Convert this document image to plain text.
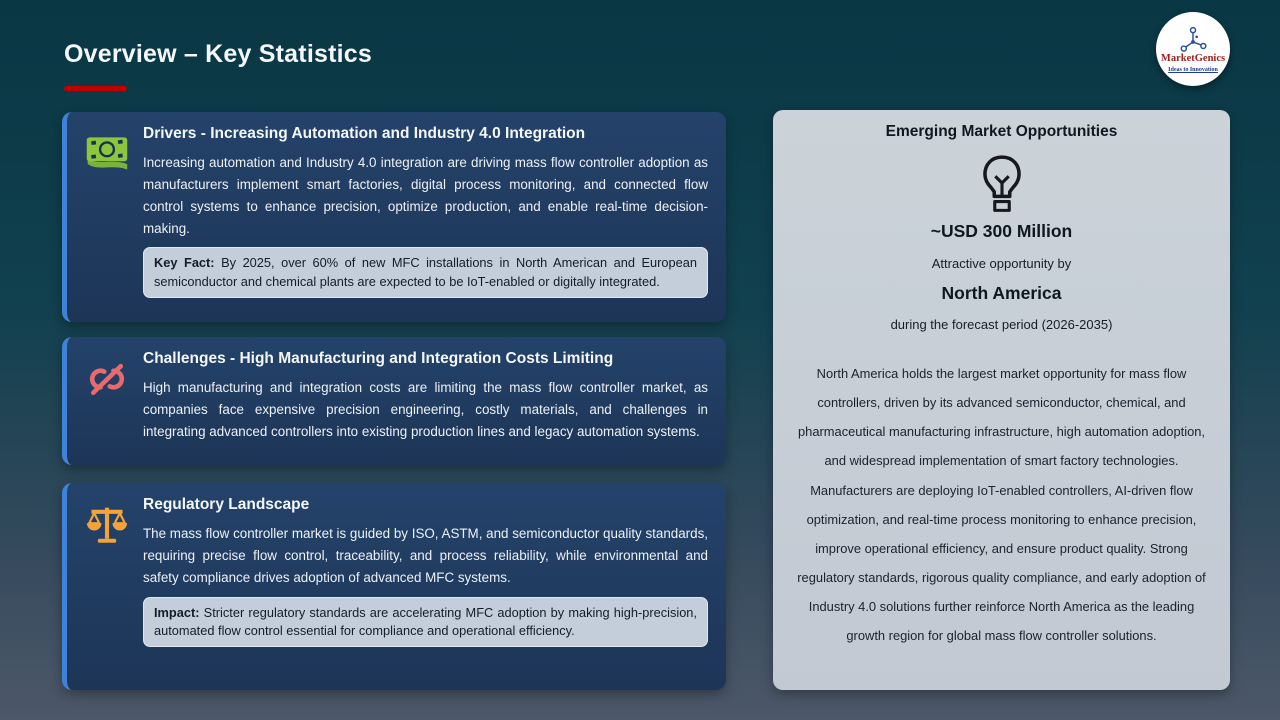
Overview – Key Statistics	MarketGenics
Ideas to Innovation
Drivers - Increasing Automation and Industry 4.0 Integration

Increasing automation and Industry 4.0 integration are driving mass flow controller adoption as manufacturers implement smart factories, digital process monitoring, and connected flow control systems to enhance precision, optimize production, and enable real-time decision-making.

Key Fact: By 2025, over 60% of new MFC installations in North American and European semiconductor and chemical plants are expected to be IoT-enabled or digitally integrated.
Challenges - High Manufacturing and Integration Costs Limiting

High manufacturing and integration costs are limiting the mass flow controller market, as companies face expensive precision engineering, costly materials, and challenges in integrating advanced controllers into existing production lines and legacy automation systems.

Regulatory Landscape

The mass flow controller market is guided by ISO, ASTM, and semiconductor quality standards, requiring precise flow control, traceability, and process reliability, while environmental and safety compliance drives adoption of advanced MFC systems.

Impact: Stricter regulatory standards are accelerating MFC adoption by making high-precision, automated flow control essential for compliance and operational efficiency.
Emerging Market Opportunities
~USD 300 Million
Attractive opportunity by
North America
during the forecast period (2026-2035)

North America holds the largest market opportunity for mass flow controllers, driven by its advanced semiconductor, chemical, and pharmaceutical manufacturing infrastructure, high automation adoption, and widespread implementation of smart factory technologies. Manufacturers are deploying IoT-enabled controllers, AI-driven flow optimization, and real-time process monitoring to enhance precision, improve operational efficiency, and ensure product quality. Strong regulatory standards, rigorous quality compliance, and early adoption of Industry 4.0 solutions further reinforce North America as the leading growth region for global mass flow controller solutions.
